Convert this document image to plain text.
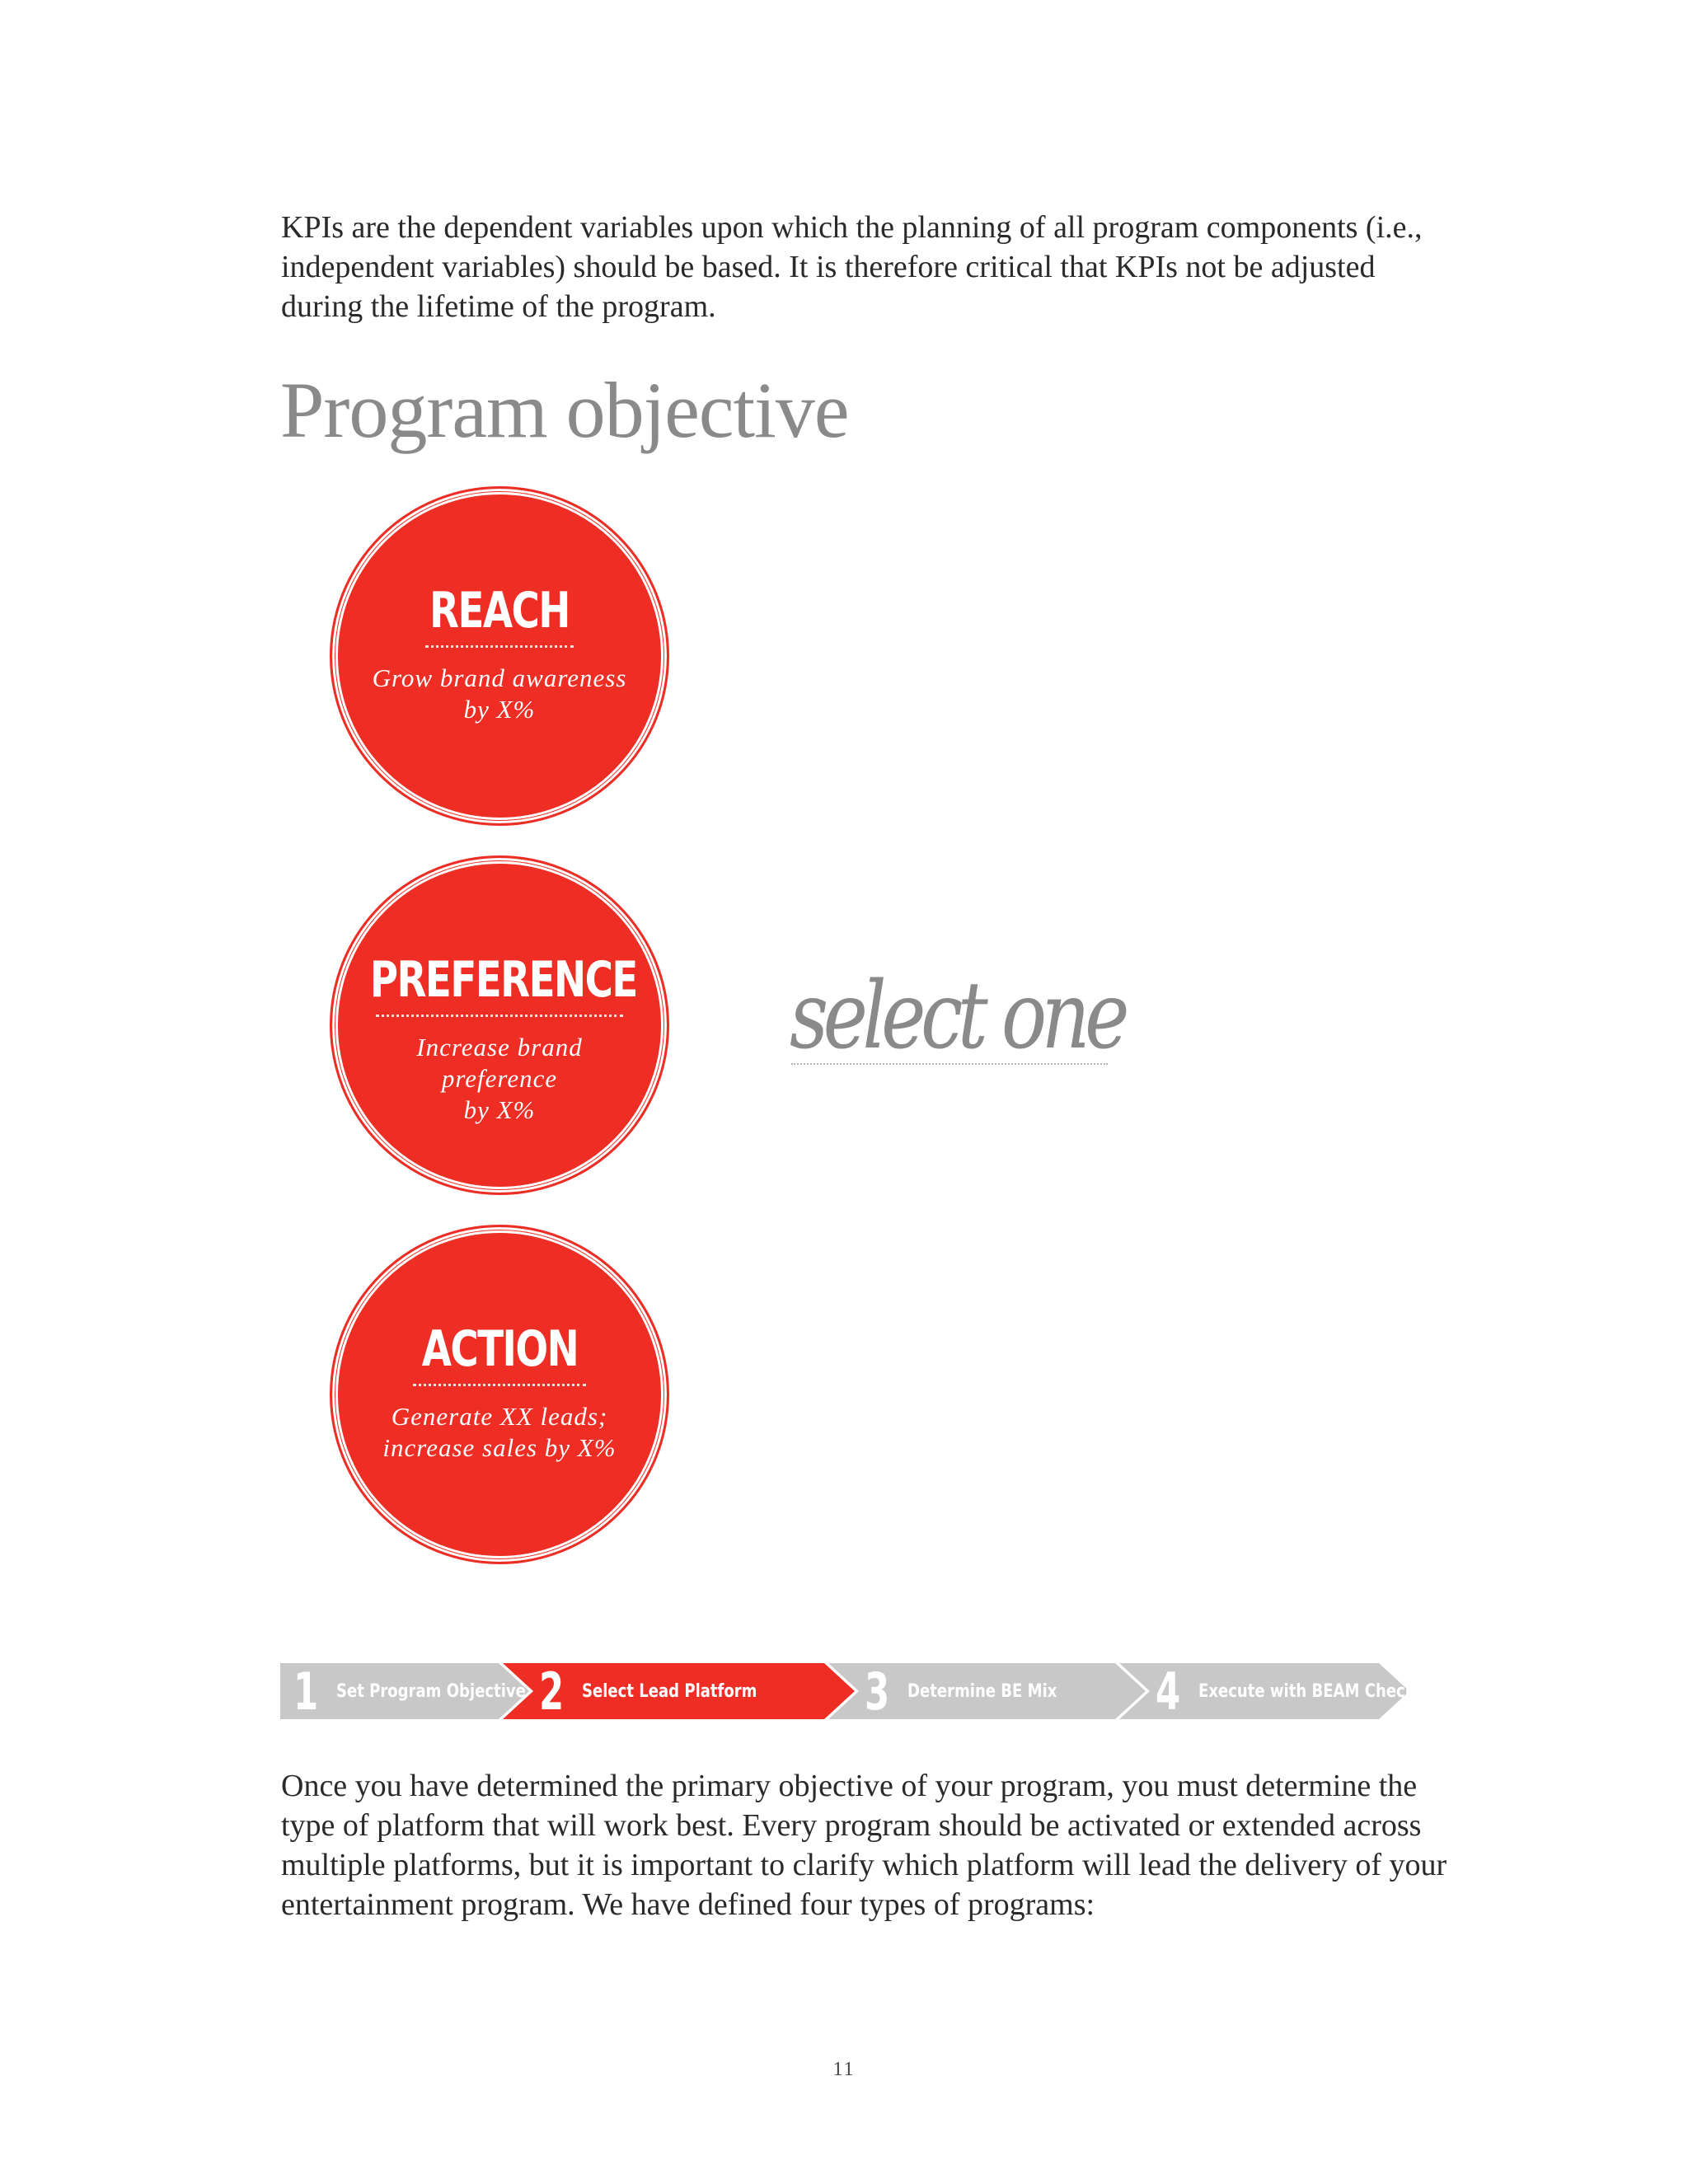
KPIs are the dependent variables upon which the planning of all program components (i.e., independent variables) should be based. It is therefore critical that KPIs not be adjusted during the lifetime of the program.

Program objective
REACH
Grow brand awareness
by X%
PREFERENCE
Increase brand preference
by X%
ACTION
Generate XX leads;
increase sales by X%
select one
1 Set Program Objective 2 Select Lead Platform 3 Determine BE Mix 4 Execute with BEAM Checklist

Once you have determined the primary objective of your program, you must determine the type of platform that will work best. Every program should be activated or extended across multiple platforms, but it is important to clarify which platform will lead the delivery of your entertainment program. We have defined four types of programs:

11
